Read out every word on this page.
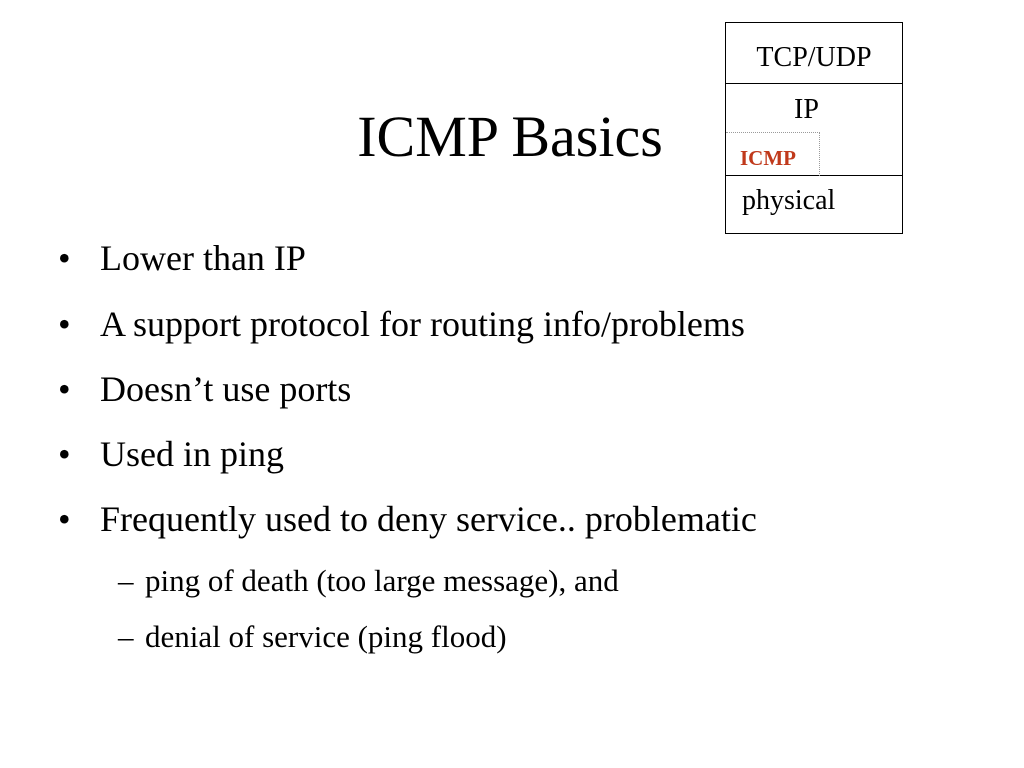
ICMP Basics
TCP/UDP
IP
ICMP
physical
• Lower than IP
• A support protocol for routing info/problems
• Doesn’t use ports
• Used in ping
• Frequently used to deny service.. problematic
– ping of death (too large message), and
– denial of service (ping flood)
